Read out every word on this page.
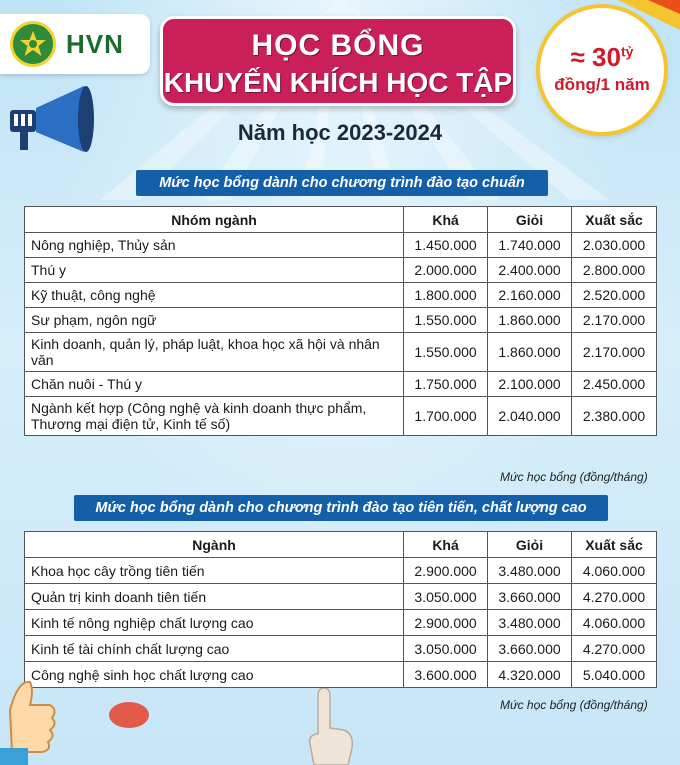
HVN	HỌC BỔNG
KHUYẾN KHÍCH HỌC TẬP
≈ $30^{tỷ}$
đồng/1 năm
Năm học 2023-2024
Mức học bổng dành cho chương trình đào tạo chuẩn
Nhóm ngành	Khá	Giỏi	Xuất sắc
Nông nghiệp, Thủy sản	1.450.000	1.740.000	2.030.000
Thú y	2.000.000	2.400.000	2.800.000
Kỹ thuật, công nghệ	1.800.000	2.160.000	2.520.000
Sư phạm, ngôn ngữ	1.550.000	1.860.000	2.170.000
Kinh doanh, quản lý, pháp luật, khoa học xã hội và nhân văn	1.550.000	1.860.000	2.170.000
Chăn nuôi - Thú y	1.750.000	2.100.000	2.450.000
Ngành kết hợp (Công nghệ và kinh doanh thực phẩm, Thương mại điện tử, Kinh tế số)	1.700.000	2.040.000	2.380.000
Mức học bổng (đồng/tháng)
Mức học bổng dành cho chương trình đào tạo tiên tiến, chất lượng cao
Ngành	Khá	Giỏi	Xuất sắc
Khoa học cây trồng tiên tiến	2.900.000	3.480.000	4.060.000
Quản trị kinh doanh tiên tiến	3.050.000	3.660.000	4.270.000
Kinh tế nông nghiệp chất lượng cao	2.900.000	3.480.000	4.060.000
Kinh tế tài chính chất lượng cao	3.050.000	3.660.000	4.270.000
Công nghệ sinh học chất lượng cao	3.600.000	4.320.000	5.040.000
Mức học bổng (đồng/tháng)
